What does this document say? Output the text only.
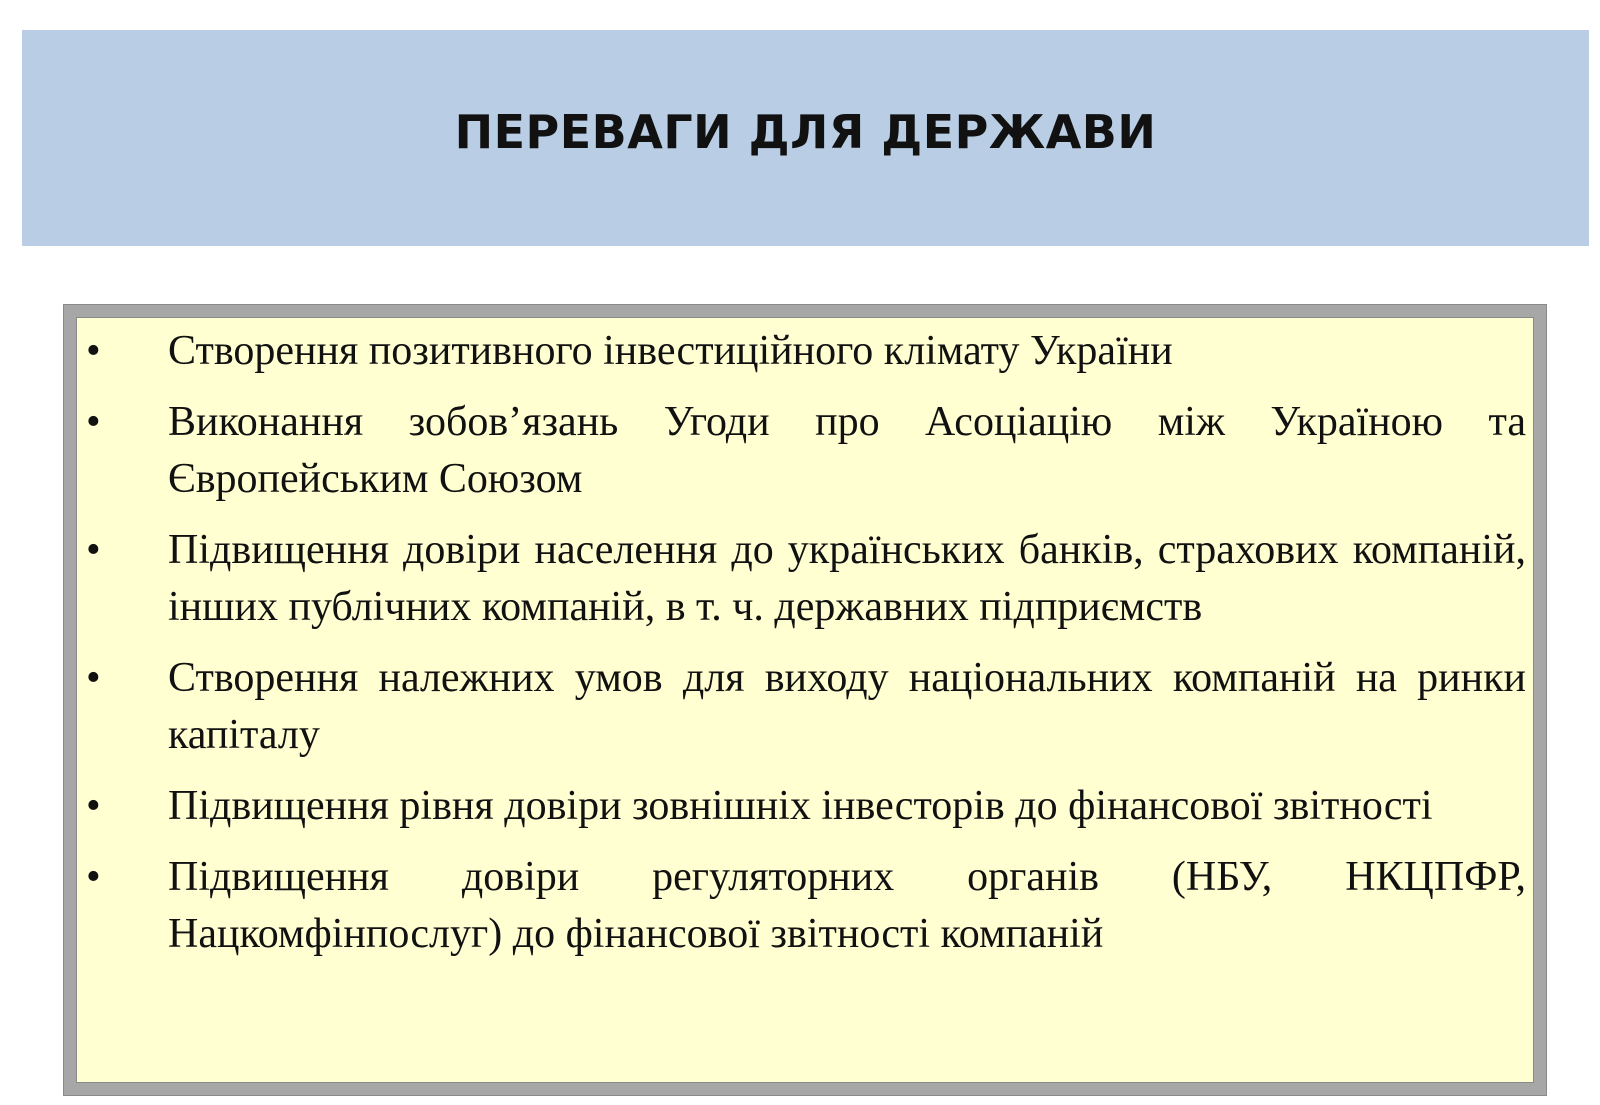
ПЕРЕВАГИ ДЛЯ ДЕРЖАВИ
• Створення позитивного інвестиційного клімату України
• Виконання зобов’язань Угоди про Асоціацію між Україною та Європейським Союзом
• Підвищення довіри населення до українських банків, страхових компаній, інших публічних компаній, в т. ч. державних підприємств
• Створення належних умов для виходу національних компаній на ринки капіталу
• Підвищення рівня довіри зовнішніх інвесторів до фінансової звітності
• Підвищення довіри регуляторних органів (НБУ, НКЦПФР, Нацкомфінпослуг) до фінансової звітності компаній
